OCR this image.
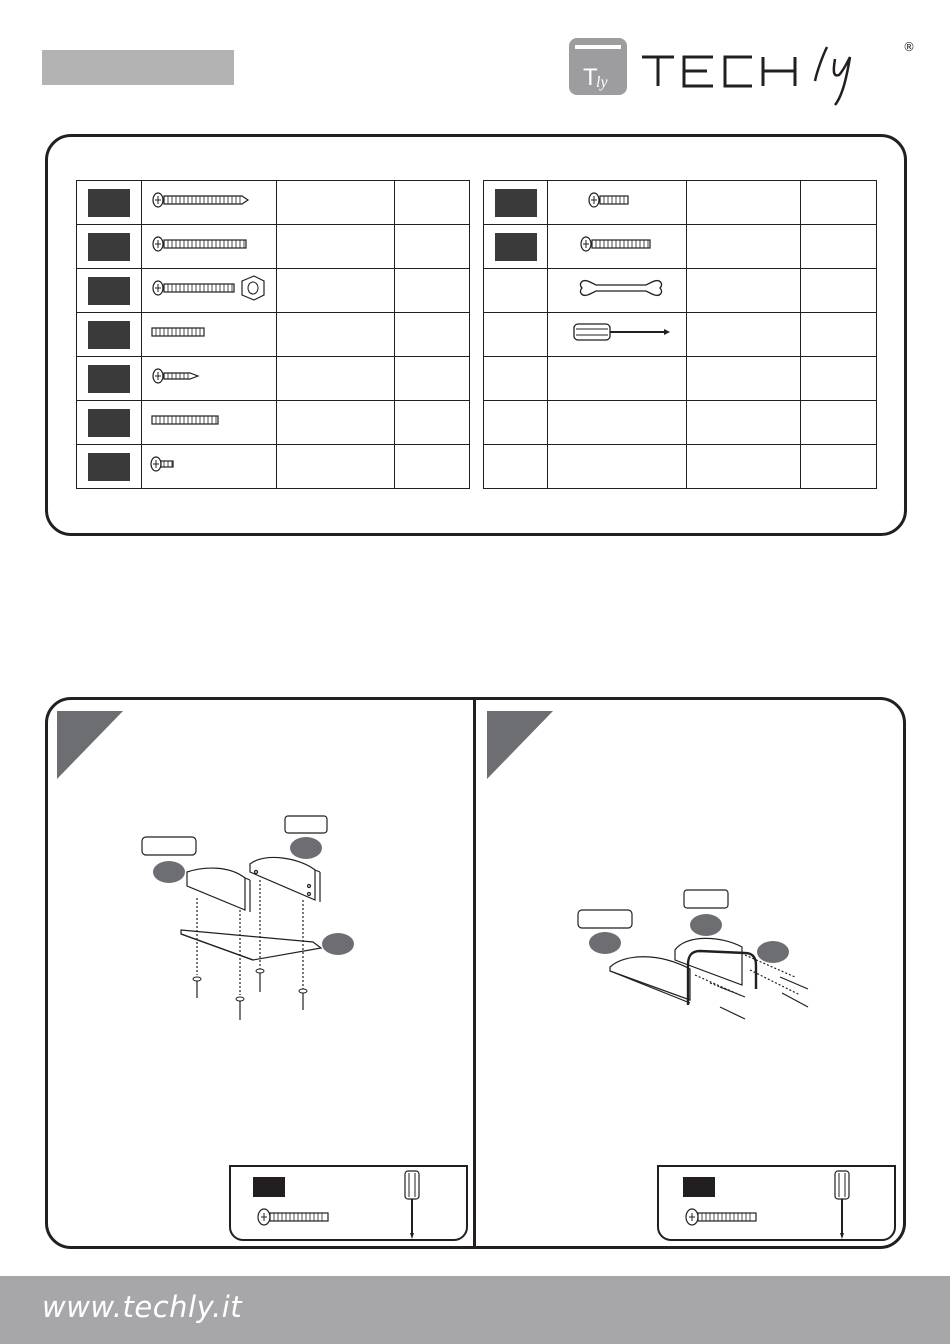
T
ly
®

www.techly.it
